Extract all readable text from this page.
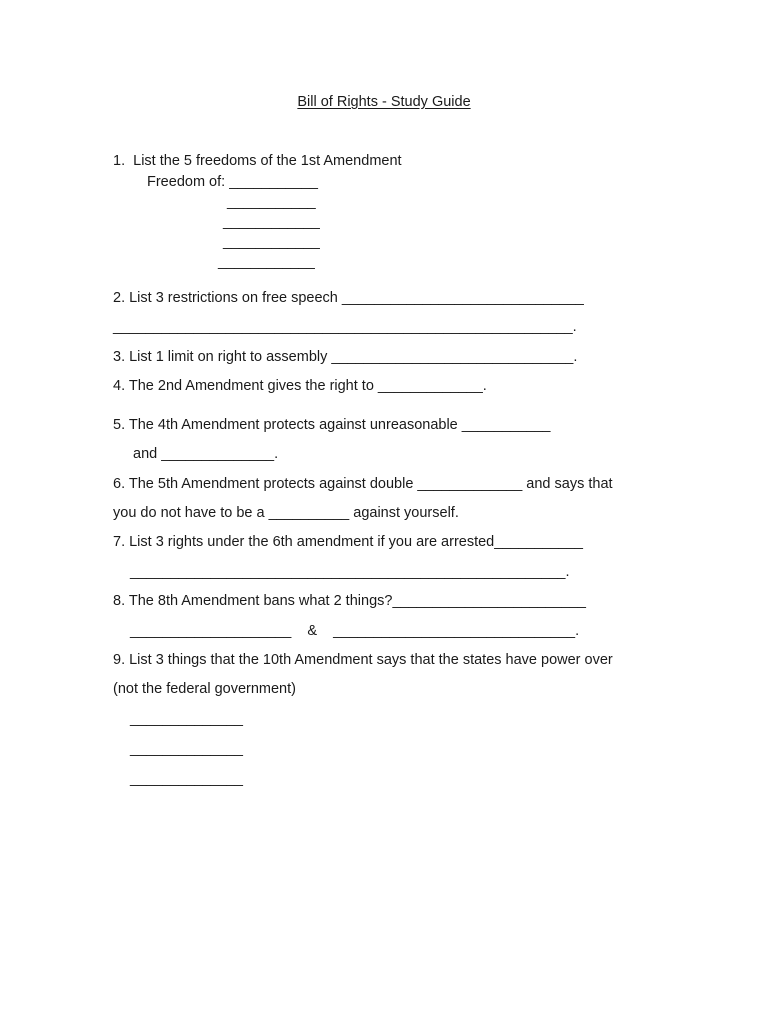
Bill of Rights - Study Guide
1.  List the 5 freedoms of the 1st Amendment
Freedom of: ___________
___________
____________
____________
____________
2. List 3 restrictions on free speech ______________________________
_________________________________________________________.
3. List 1 limit on right to assembly ______________________________.
4. The 2nd Amendment gives the right to _____________.
5. The 4th Amendment protects against unreasonable ___________
and ______________.
6. The 5th Amendment protects against double _____________ and says that
you do not have to be a __________ against yourself.
7. List 3 rights under the 6th amendment if you are arrested___________
______________________________________________________.
8. The 8th Amendment bans what 2 things?________________________
____________________    &    ______________________________.
9. List 3 things that the 10th Amendment says that the states have power over
(not the federal government)
______________
______________
______________
